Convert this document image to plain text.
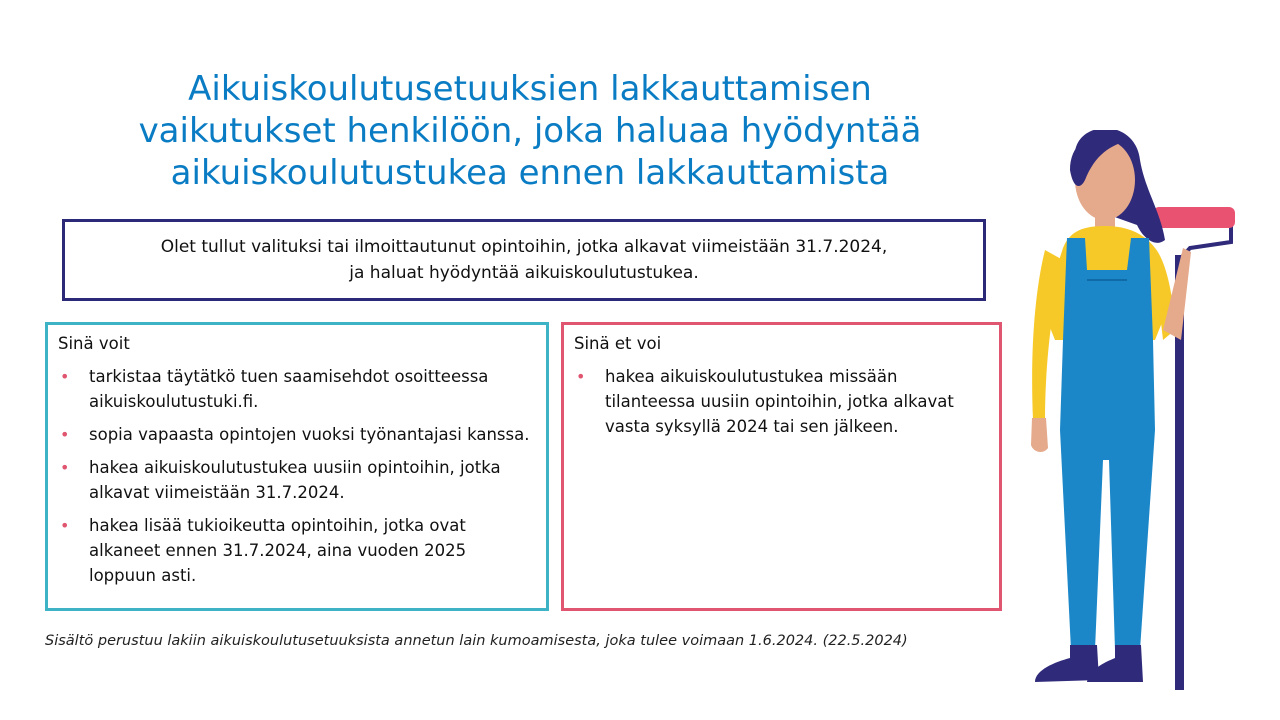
Aikuiskoulutusetuuksien lakkauttamisen
vaikutukset henkilöön, joka haluaa hyödyntää
aikuiskoulutustukea ennen lakkauttamista
Olet tullut valituksi tai ilmoittautunut opintoihin, jotka alkavat viimeistään 31.7.2024,
ja haluat hyödyntää aikuiskoulutustukea.
Sinä voit
• tarkistaa täytätkö tuen saamisehdot osoitteessa aikuiskoulutustuki.fi.
• sopia vapaasta opintojen vuoksi työnantajasi kanssa.
• hakea aikuiskoulutustukea uusiin opintoihin, jotka alkavat viimeistään 31.7.2024.
• hakea lisää tukioikeutta opintoihin, jotka ovat alkaneet ennen 31.7.2024, aina vuoden 2025 loppuun asti.
Sinä et voi
• hakea aikuiskoulutustukea missään tilanteessa uusiin opintoihin, jotka alkavat vasta syksyllä 2024 tai sen jälkeen.
Sisältö perustuu lakiin aikuiskoulutusetuuksista annetun lain kumoamisesta, joka tulee voimaan 1.6.2024. (22.5.2024)
